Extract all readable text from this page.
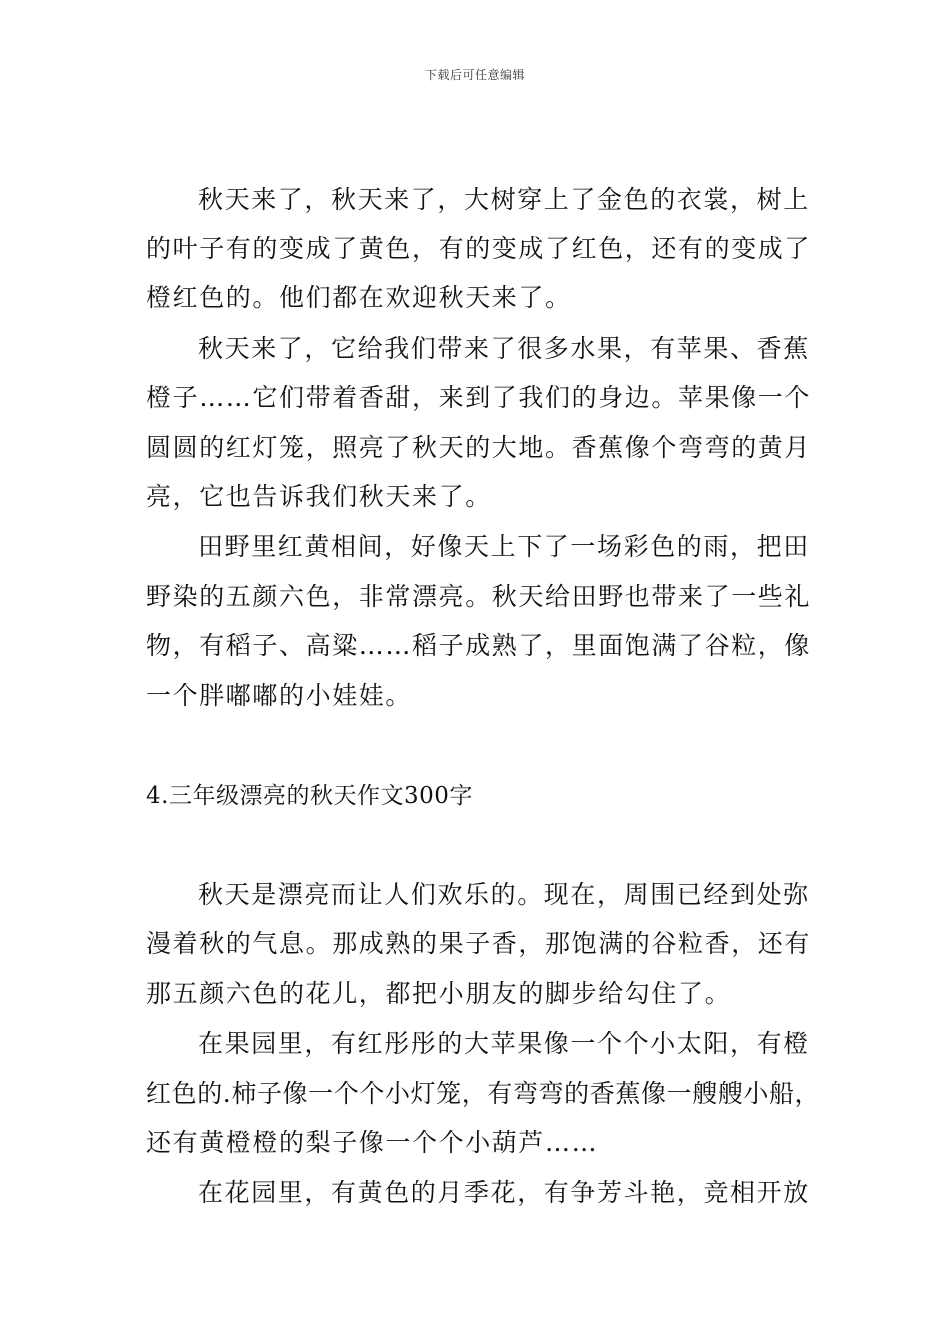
下载后可任意编辑
秋天来了，秋天来了，大树穿上了金色的衣裳，树上
的叶子有的变成了黄色，有的变成了红色，还有的变成了
橙红色的。他们都在欢迎秋天来了。
秋天来了，它给我们带来了很多水果，有苹果、香蕉
橙子……它们带着香甜，来到了我们的身边。苹果像一个
圆圆的红灯笼，照亮了秋天的大地。香蕉像个弯弯的黄月
亮，它也告诉我们秋天来了。
田野里红黄相间，好像天上下了一场彩色的雨，把田
野染的五颜六色，非常漂亮。秋天给田野也带来了一些礼
物，有稻子、高粱……稻子成熟了，里面饱满了谷粒，像
一个胖嘟嘟的小娃娃。
4.三年级漂亮的秋天作文300字
秋天是漂亮而让人们欢乐的。现在，周围已经到处弥
漫着秋的气息。那成熟的果子香，那饱满的谷粒香，还有
那五颜六色的花儿，都把小朋友的脚步给勾住了。
在果园里，有红彤彤的大苹果像一个个小太阳，有橙
红色的.柿子像一个个小灯笼，有弯弯的香蕉像一艘艘小船，
还有黄橙橙的梨子像一个个小葫芦……
在花园里，有黄色的月季花，有争芳斗艳，竞相开放
